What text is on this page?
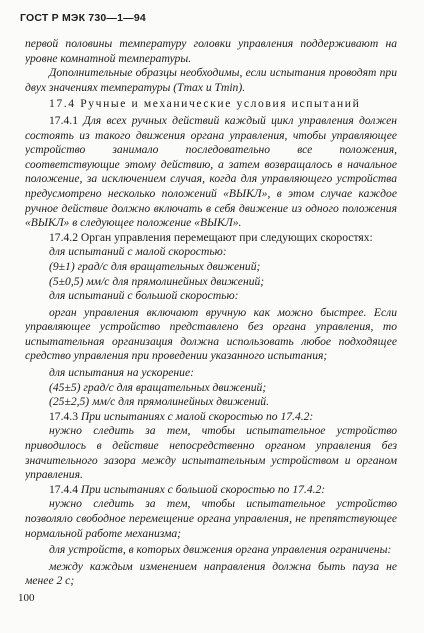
ГОСТ Р МЭК 730—1—94

первой половины температуру головки управления поддерживают на уровне комнатной температуры.

Дополнительные образцы необходимы, если испытания проводят при двух значениях температуры (Tmax и Tmin).

17.4 Ручные и механические условия испытаний

17.4.1 Для всех ручных действий каждый цикл управления должен состоять из такого движения органа управления, чтобы управляющее устройство занимало последовательно все положения, соответствующие этому действию, а затем возвращалось в начальное положение, за исключением случая, когда для управляющего устройства предусмотрено несколько положений «ВЫКЛ», в этом случае каждое ручное действие должно включать в себя движение из одного положения «ВЫКЛ» в следующее положение «ВЫКЛ».

17.4.2 Орган управления перемещают при следующих скоростях:

для испытаний с малой скоростью:

(9±1) град/с для вращательных движений;

(5±0,5) мм/с для прямолинейных движений;

для испытаний с большой скоростью:

орган управления включают вручную как можно быстрее. Если управляющее устройство представлено без органа управления, то испытательная организация должна использовать любое подходящее средство управления при проведении указанного испытания;

для испытания на ускорение:

(45±5) град/с для вращательных движений;

(25±2,5) мм/с для прямолинейных движений.

17.4.3 При испытаниях с малой скоростью по 17.4.2:

нужно следить за тем, чтобы испытательное устройство приводилось в действие непосредственно органом управления без значительного зазора между испытательным устройством и органом управления.

17.4.4 При испытаниях с большой скоростью по 17.4.2:

нужно следить за тем, чтобы испытательное устройство позволяло свободное перемещение органа управления, не препятствующее нормальной работе механизма;

для устройств, в которых движения органа управления ограничены:

между каждым изменением направления должна быть пауза не менее 2 с;

100
